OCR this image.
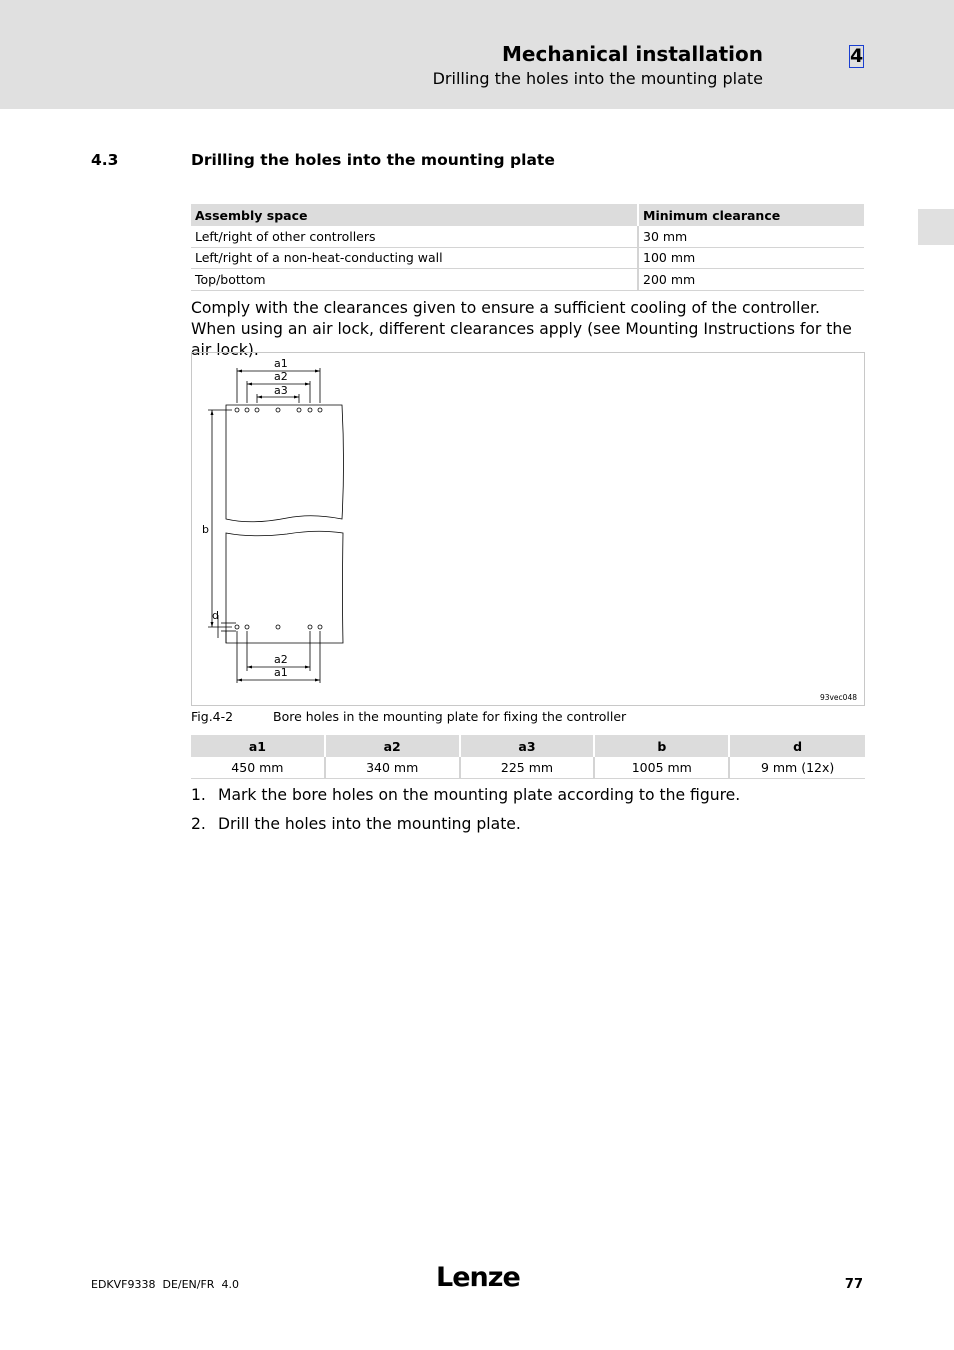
Mechanical installation
Drilling the holes into the mounting plate
4
4.3	Drilling the holes into the mounting plate
Assembly space	Minimum clearance
Left/right of other controllers	30 mm
Left/right of a non-heat-conducting wall	100 mm
Top/bottom	200 mm

Comply with the clearances given to ensure a sufficient cooling of the controller. When using an air lock, different clearances apply (see Mounting Instructions for the air lock).

a1
a2
a3
b
d
a2
a1
93vec048
Fig.4-2	Bore holes in the mounting plate for fixing the controller
a1	a2	a3	b	d
450 mm	340 mm	225 mm	1005 mm	9 mm (12x)
1. Mark the bore holes on the mounting plate according to the figure.
2. Drill the holes into the mounting plate.
EDKVF9338  DE/EN/FR  4.0	Lenze	77
